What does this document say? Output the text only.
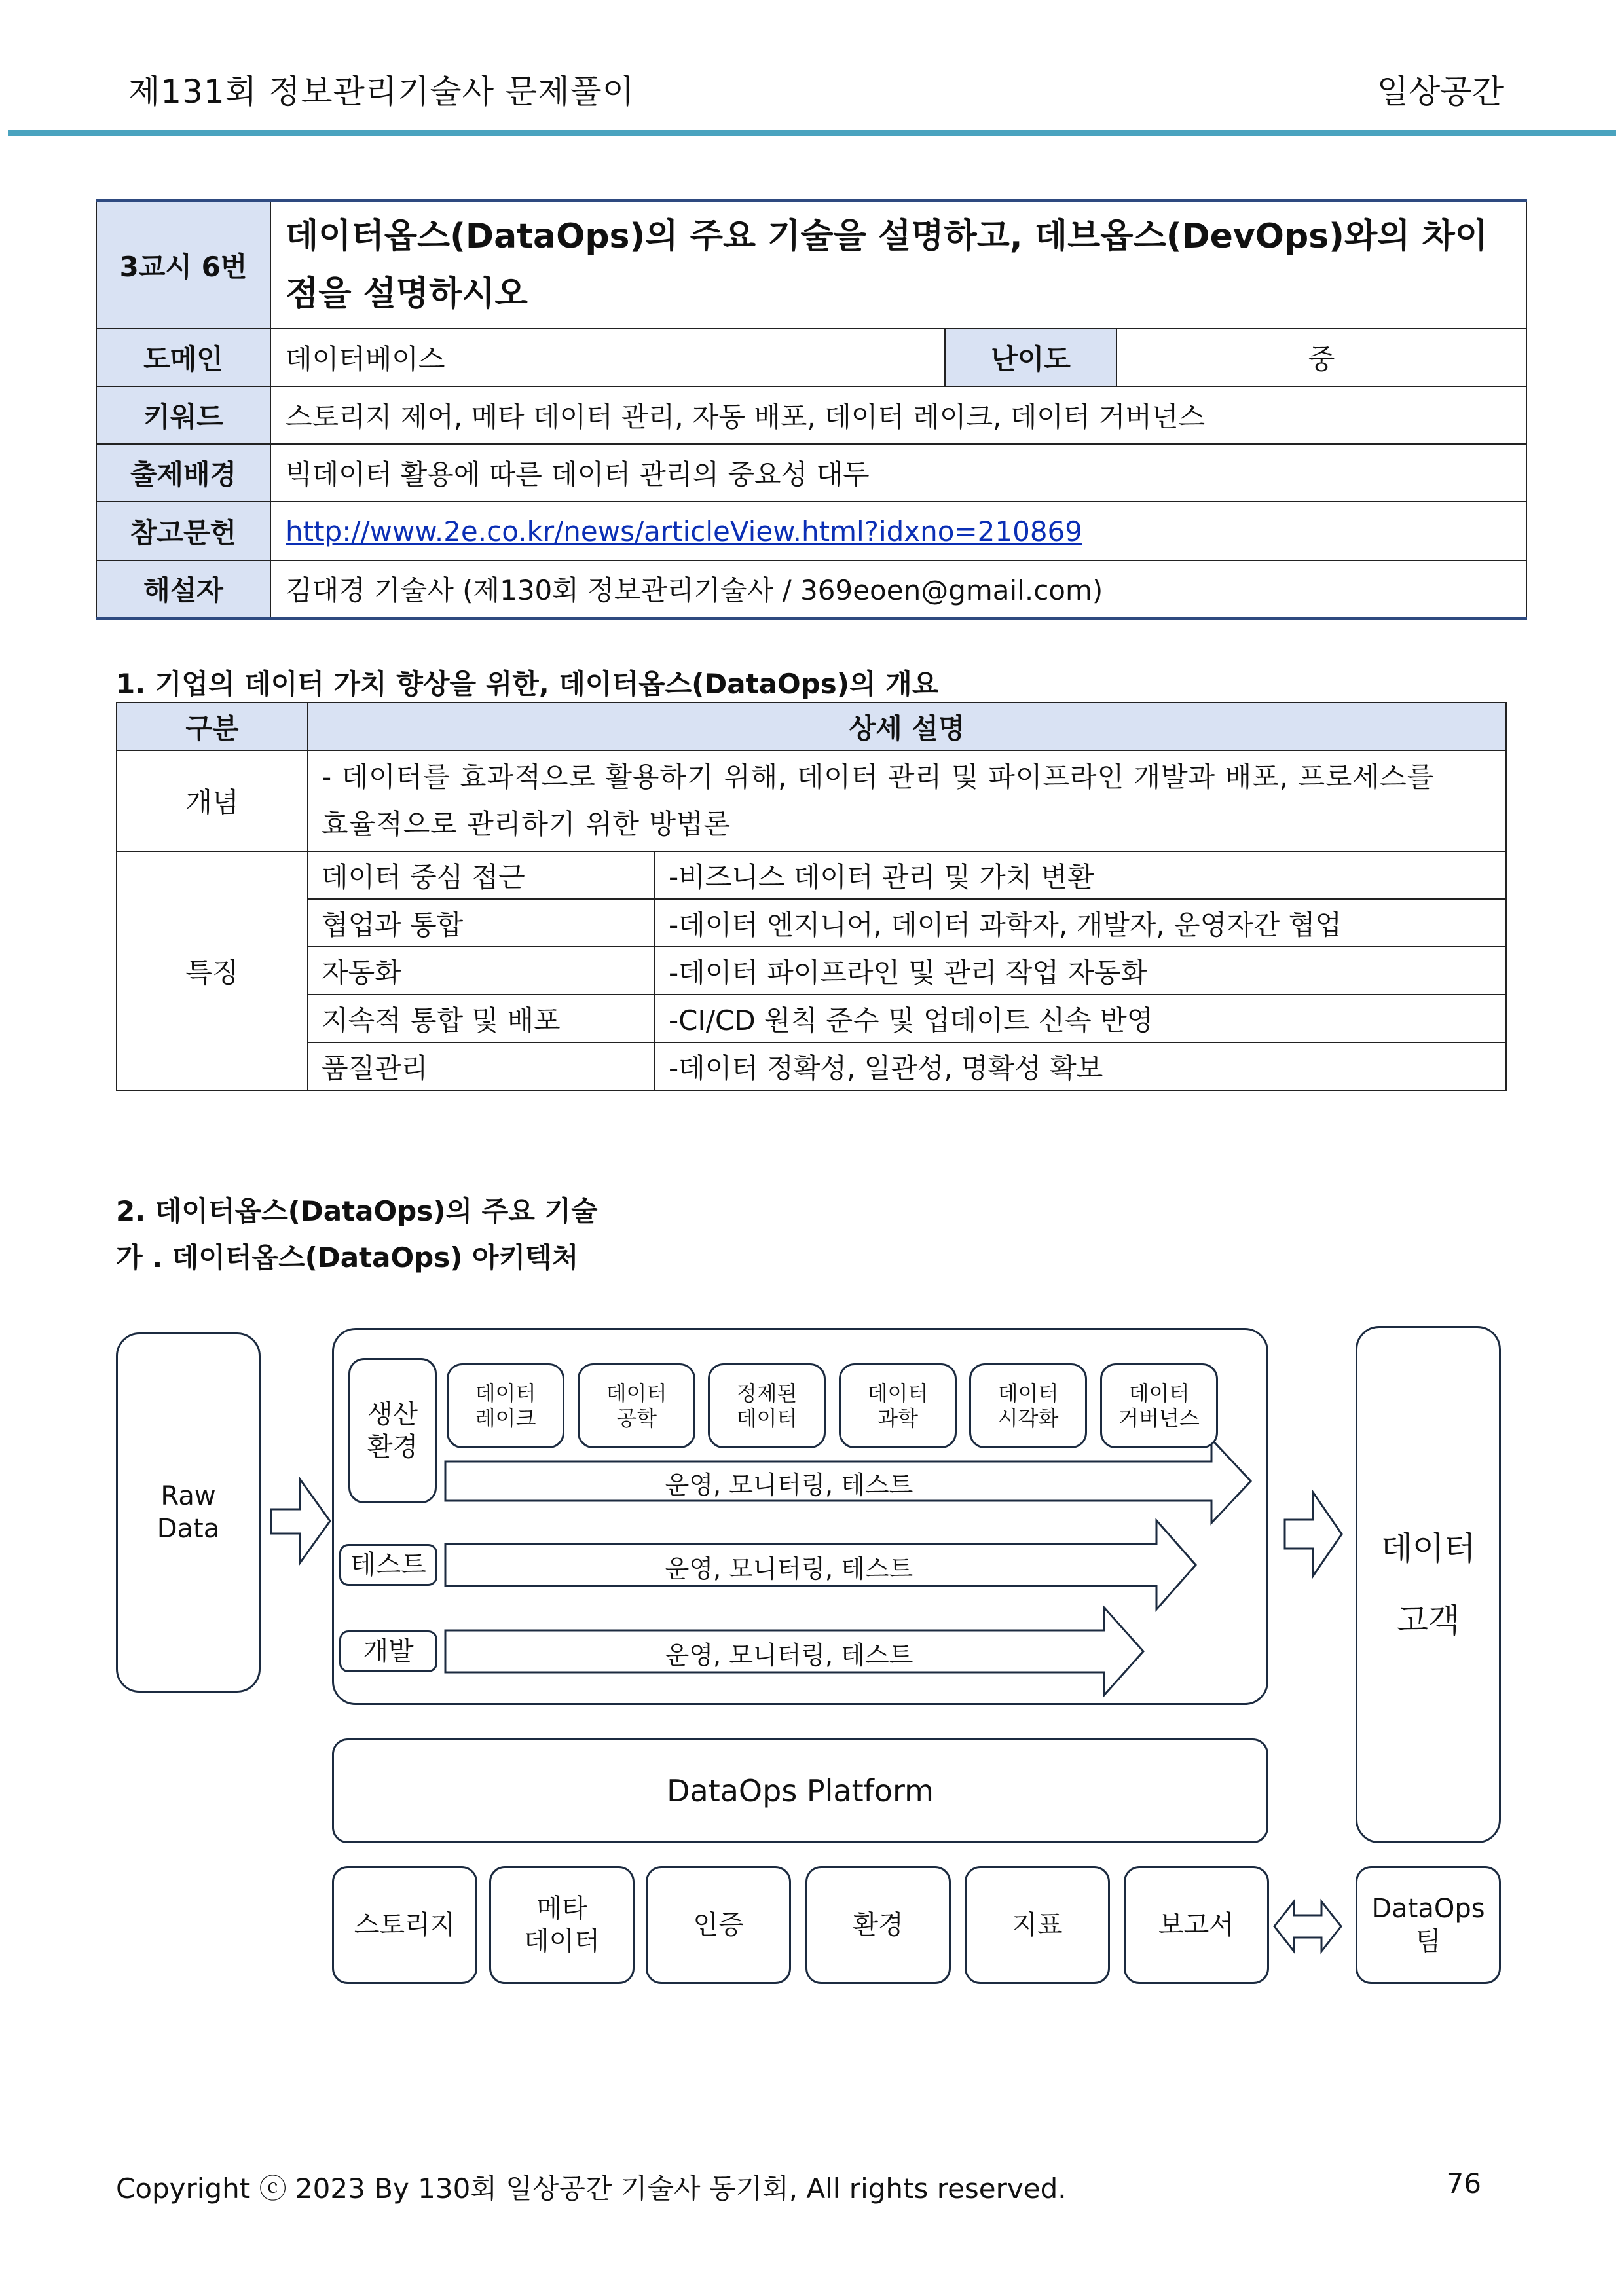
제131회 정보관리기술사 문제풀이	일상공간
3교시 6번	데이터옵스(DataOps)의 주요 기술을 설명하고, 데브옵스(DevOps)와의 차이점을 설명하시오		
도메인	데이터베이스	난이도	중
키워드	스토리지 제어, 메타 데이터 관리, 자동 배포, 데이터 레이크, 데이터 거버넌스		
출제배경	빅데이터 활용에 따른 데이터 관리의 중요성 대두		
참고문헌	http://www.2e.co.kr/news/articleView.html?idxno=210869		
해설자	김대경 기술사 (제130회 정보관리기술사 / 369eoen@gmail.com)		
1. 기업의 데이터 가치 향상을 위한, 데이터옵스(DataOps)의 개요
구분	상세 설명	
개념	- 데이터를 효과적으로 활용하기 위해, 데이터 관리 및 파이프라인 개발과 배포, 프로세스를
효율적으로 관리하기 위한 방법론	
특징	데이터 중심 접근	-비즈니스 데이터 관리 및 가치 변환
	협업과 통합	-데이터 엔지니어, 데이터 과학자, 개발자, 운영자간 협업
	자동화	-데이터 파이프라인 및 관리 작업 자동화
	지속적 통합 및 배포	-CI/CD 원칙 준수 및 업데이트 신속 반영
	품질관리	-데이터 정확성, 일관성, 명확성 확보
2. 데이터옵스(DataOps)의 주요 기술
가 . 데이터옵스(DataOps) 아키텍처
Raw
Data
생산
환경
데이터
레이크
데이터
공학
정제된
데이터
데이터
과학
데이터
시각화
데이터
거버넌스
운영, 모니터링, 테스트
운영, 모니터링, 테스트
운영, 모니터링, 테스트
테스트
개발
데이터
고객
DataOps Platform
스토리지
메타
데이터
인증	환경	지표	보고서
DataOps
팀
Copyright ⓒ 2023 By 130회 일상공간 기술사 동기회, All rights reserved.	76
